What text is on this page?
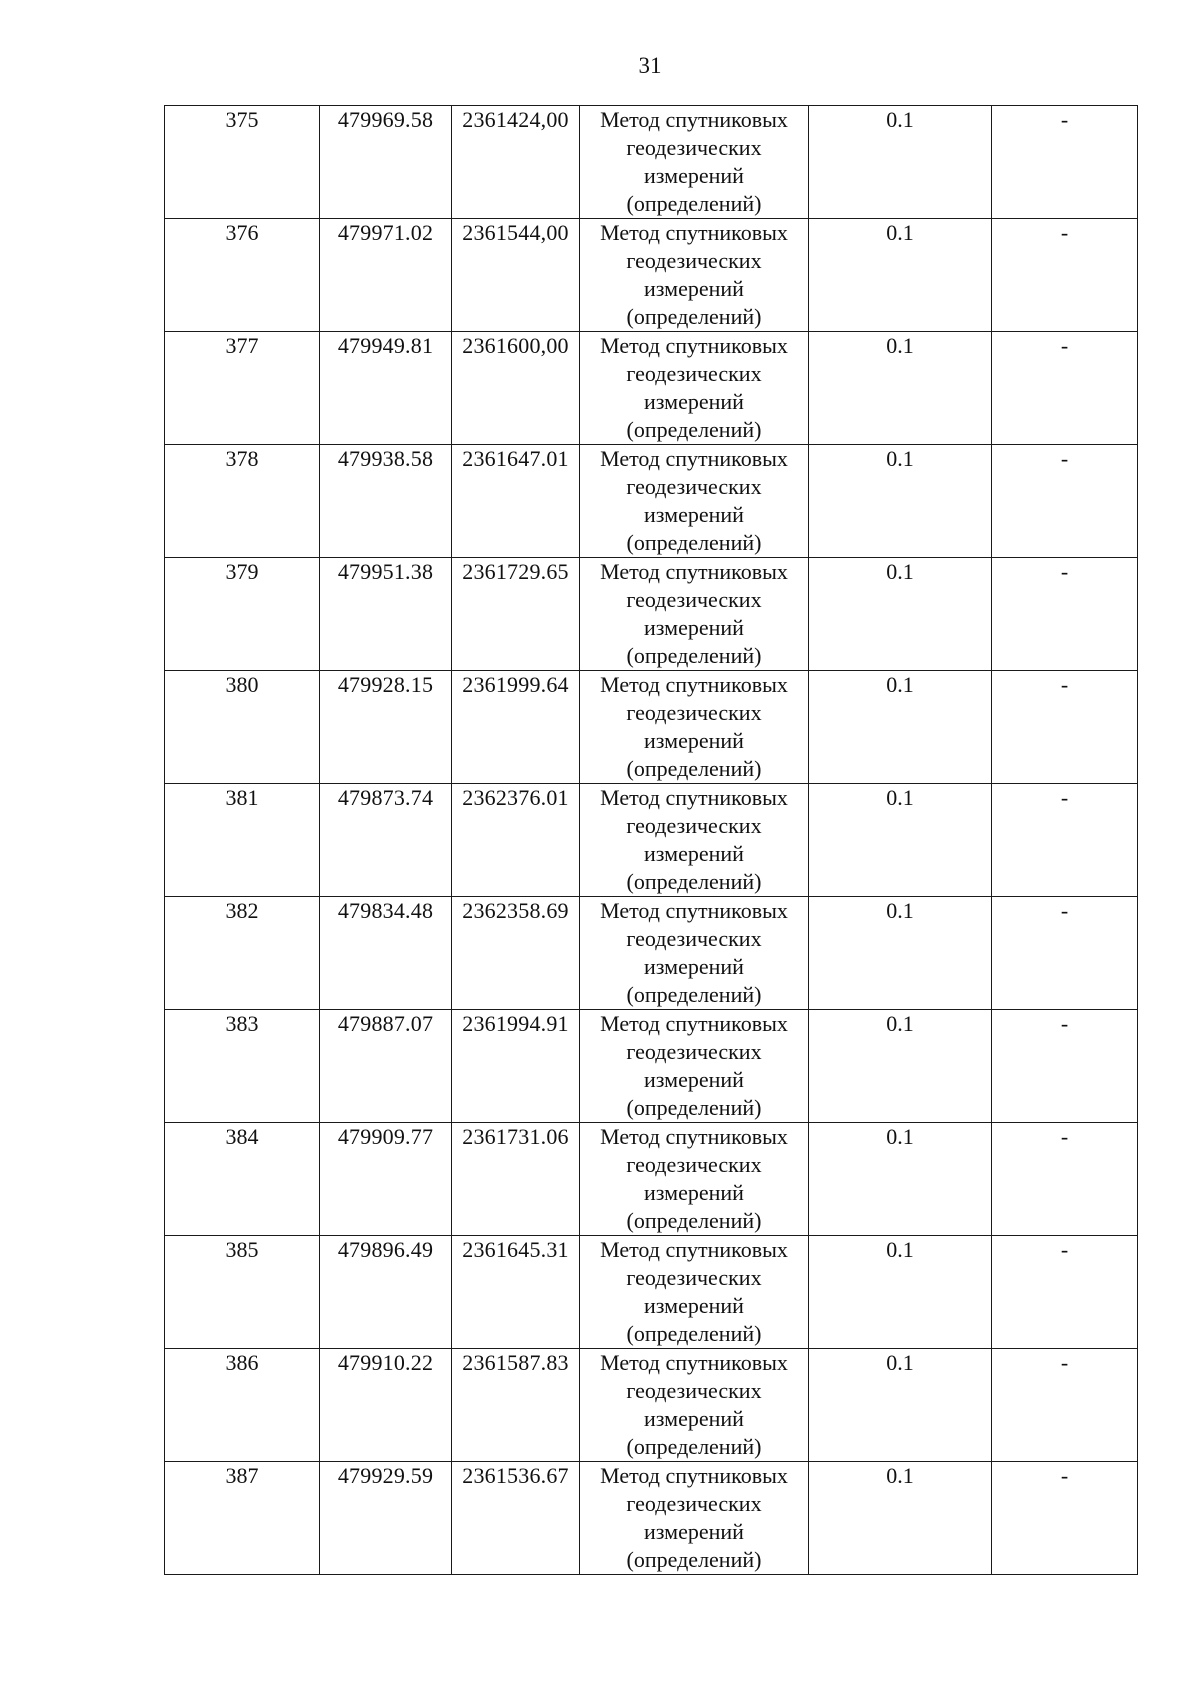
31
375	479969.58	2361424,00	Метод спутниковых
геодезических
измерений
(определений)	0.1	-
376	479971.02	2361544,00	Метод спутниковых
геодезических
измерений
(определений)	0.1	-
377	479949.81	2361600,00	Метод спутниковых
геодезических
измерений
(определений)	0.1	-
378	479938.58	2361647.01	Метод спутниковых
геодезических
измерений
(определений)	0.1	-
379	479951.38	2361729.65	Метод спутниковых
геодезических
измерений
(определений)	0.1	-
380	479928.15	2361999.64	Метод спутниковых
геодезических
измерений
(определений)	0.1	-
381	479873.74	2362376.01	Метод спутниковых
геодезических
измерений
(определений)	0.1	-
382	479834.48	2362358.69	Метод спутниковых
геодезических
измерений
(определений)	0.1	-
383	479887.07	2361994.91	Метод спутниковых
геодезических
измерений
(определений)	0.1	-
384	479909.77	2361731.06	Метод спутниковых
геодезических
измерений
(определений)	0.1	-
385	479896.49	2361645.31	Метод спутниковых
геодезических
измерений
(определений)	0.1	-
386	479910.22	2361587.83	Метод спутниковых
геодезических
измерений
(определений)	0.1	-
387	479929.59	2361536.67	Метод спутниковых
геодезических
измерений
(определений)	0.1	-
